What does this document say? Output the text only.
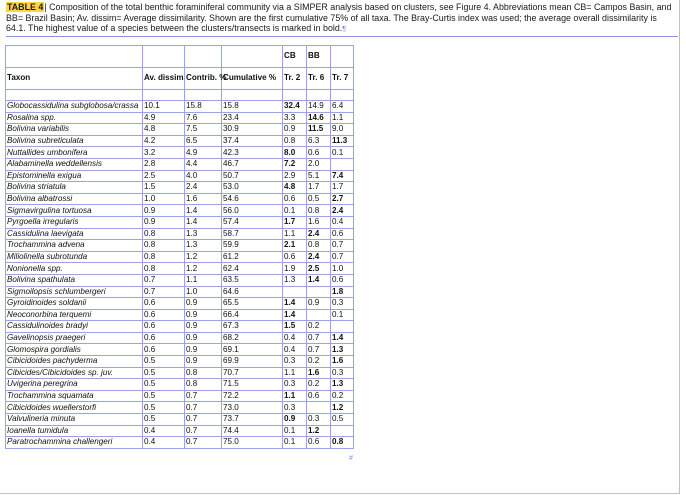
TABLE 4| Composition of the total benthic foraminiferal community via a SIMPER analysis based on clusters, see Figure 4. Abbreviations mean CB= Campos Basin, and BB= Brazil Basin; Av. dissim= Average dissimilarity. Shown are the first cumulative 75% of all taxa. The Bray-Curtis index was used; the average overall dissimilarity is 64.1. The highest value of a species between the clusters/transects is marked in bold.¶
				CB	BB	
Taxon	Av. dissim	Contrib. %	Cumulative %	Tr. 2	Tr. 6	Tr. 7

Globocassidulina subglobosa/crassa	10.1	15.8	15.8	32.4	14.9	6.4
Rosalina spp.	4.9	7.6	23.4	3.3	14.6	1.1
Bolivina variabilis	4.8	7.5	30.9	0.9	11.5	9.0
Bolivina subreticulata	4.2	6.5	37.4	0.8	6.3	11.3
Nuttallides umbonifera	3.2	4.9	42.3	8.0	0.6	0.1
Alabaminella weddellensis	2.8	4.4	46.7	7.2	2.0	
Epistominella exigua	2.5	4.0	50.7	2.9	5.1	7.4
Bolivina striatula	1.5	2.4	53.0	4.8	1.7	1.7
Bolivina albatrossi	1.0	1.6	54.6	0.6	0.5	2.7
Sigmavirgulina tortuosa	0.9	1.4	56.0	0.1	0.8	2.4
Pyrgoella irregularis	0.9	1.4	57.4	1.7	1.6	0.4
Cassidulina laevigata	0.8	1.3	58.7	1.1	2.4	0.6
Trochammina advena	0.8	1.3	59.9	2.1	0.8	0.7
Miliolinella subrotunda	0.8	1.2	61.2	0.6	2.4	0.7
Nonionella spp.	0.8	1.2	62.4	1.9	2.5	1.0
Bolivina spathulata	0.7	1.1	63.5	1.3	1.4	0.6
Sigmoilopsis schlumbergeri	0.7	1.0	64.6			1.8
Gyroidinoides soldanii	0.6	0.9	65.5	1.4	0.9	0.3
Neoconorbina terquemi	0.6	0.9	66.4	1.4		0.1
Cassidulinoides bradyi	0.6	0.9	67.3	1.5	0.2	
Gavelinopsis praegeri	0.6	0.9	68.2	0.4	0.7	1.4
Glomospira gordialis	0.6	0.9	69.1	0.4	0.7	1.3
Cibicidoides pachyderma	0.5	0.9	69.9	0.3	0.2	1.6
Cibicides/Cibicidoides sp. juv.	0.5	0.8	70.7	1.1	1.6	0.3
Uvigerina peregrina	0.5	0.8	71.5	0.3	0.2	1.3
Trochammina squamata	0.5	0.7	72.2	1.1	0.6	0.2
Cibicidoides wuellerstorfi	0.5	0.7	73.0	0.3		1.2
Valvulineria minuta	0.5	0.7	73.7	0.9	0.3	0.5
Ioanella tumidula	0.4	0.7	74.4	0.1	1.2	
Paratrochammina challengeri	0.4	0.7	75.0	0.1	0.6	0.8
#
